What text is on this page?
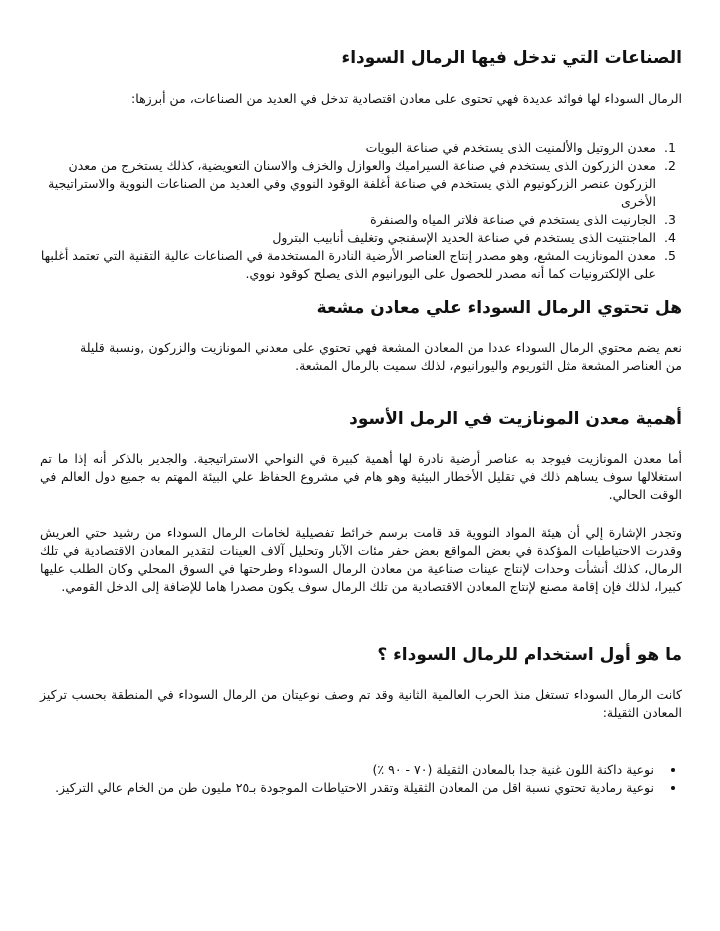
الصناعات التي تدخل فيها الرمال السوداء

الرمال السوداء لها فوائد عديدة فهي تحتوى على معادن اقتصادية تدخل في العديد من الصناعات، من أبرزها:

1. معدن الروتيل والألمنيت الذى يستخدم في صناعة البويات
2. معدن الزركون الذى يستخدم في صناعة السيراميك والعوازل والخزف والاسنان التعويضية، كذلك يستخرج من معدن الزركون عنصر الزركونيوم الذي يستخدم في صناعة أغلفة الوقود النووي وفي العديد من الصناعات النووية والاستراتيجية الأخرى
3. الجارنيت الذى يستخدم في صناعة فلاتر المياه والصنفرة
4. الماجنتيت الذى يستخدم في صناعة الحديد الإسفنجي وتغليف أنابيب البترول
5. معدن المونازيت المشع، وهو مصدر إنتاج العناصر الأرضية النادرة المستخدمة في الصناعات عالية التقنية التي تعتمد أغلبها على الإلكترونيات كما أنه مصدر للحصول على اليورانيوم الذى يصلح كوقود نووي.
هل تحتوي الرمال السوداء علي معادن مشعة

نعم يضم محتوي الرمال السوداء عددا من المعادن المشعة فهي تحتوي على معدني المونازيت والزركون ,ونسبة قليلة من العناصر المشعة مثل الثوريوم واليورانيوم، لذلك سميت بالرمال المشعة.

أهمية معدن المونازيت في الرمل الأسود

أما معدن المونازيت فيوجد به عناصر أرضية نادرة لها أهمية كبيرة في النواحي الاستراتيجية. والجدير بالذكر أنه إذا ما تم استغلالها سوف يساهم ذلك في تقليل الأخطار البيئية وهو هام في مشروع الحفاظ علي البيئة المهتم به جميع دول العالم في الوقت الحالي.

وتجدر الإشارة إلي أن هيئة المواد النووية قد قامت برسم خرائط تفصيلية لخامات الرمال السوداء من رشيد حتي العريش وقدرت الاحتياطيات المؤكدة في بعض المواقع بعض حفر مئات الآبار وتحليل آلاف العينات لتقدير المعادن الاقتصادية في تلك الرمال، كذلك أنشأت وحدات لإنتاج عينات صناعية من معادن الرمال السوداء وطرحتها في السوق المحلي وكان الطلب عليها كبيرا، لذلك فإن إقامة مصنع لإنتاج المعادن الاقتصادية من تلك الرمال سوف يكون مصدرا هاما للإضافة إلى الدخل القومي.

ما هو أول استخدام للرمال السوداء ؟

كانت الرمال السوداء تستغل منذ الحرب العالمية الثانية وقد تم وصف نوعيتان من الرمال السوداء في المنطقة بحسب تركيز المعادن الثقيلة:

• نوعية داكنة اللون غنية جدا بالمعادن الثقيلة (٧٠ - ٩٠ ٪)
• نوعية رمادية تحتوي نسبة اقل من المعادن الثقيلة وتقدر الاحتياطات الموجودة بـ٢٥ مليون طن من الخام عالي التركيز.
